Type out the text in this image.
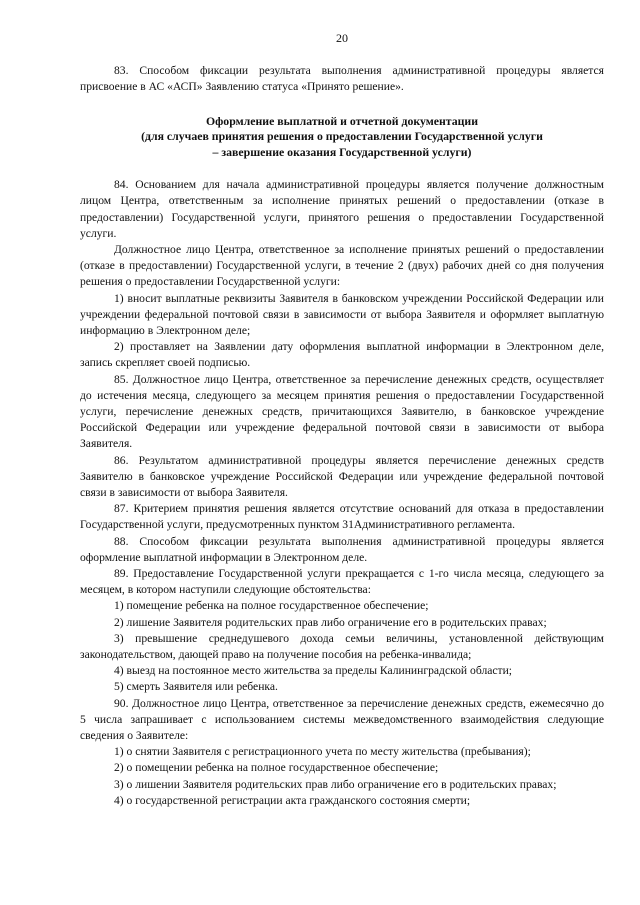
20

83. Способом фиксации результата выполнения административной процедуры является присвоение в АС «АСП» Заявлению статуса «Принято решение».

Оформление выплатной и отчетной документации
(для случаев принятия решения о предоставлении Государственной услуги
– завершение оказания Государственной услуги)

84. Основанием для начала административной процедуры является получение должностным лицом Центра, ответственным за исполнение принятых решений о предоставлении (отказе в предоставлении) Государственной услуги, принятого решения о предоставлении Государственной услуги.

Должностное лицо Центра, ответственное за исполнение принятых решений о предоставлении (отказе в предоставлении) Государственной услуги, в течение 2 (двух) рабочих дней со дня получения решения о предоставлении Государственной услуги:

1) вносит выплатные реквизиты Заявителя в банковском учреждении Российской Федерации или учреждении федеральной почтовой связи в зависимости от выбора Заявителя и оформляет выплатную информацию в Электронном деле;

2) проставляет на Заявлении дату оформления выплатной информации в Электронном деле, запись скрепляет своей подписью.

85. Должностное лицо Центра, ответственное за перечисление денежных средств, осуществляет до истечения месяца, следующего за месяцем принятия решения о предоставлении Государственной услуги, перечисление денежных средств, причитающихся Заявителю, в банковское учреждение Российской Федерации или учреждение федеральной почтовой связи в зависимости от выбора Заявителя.

86. Результатом административной процедуры является перечисление денежных средств Заявителю в банковское учреждение Российской Федерации или учреждение федеральной почтовой связи в зависимости от выбора Заявителя.

87. Критерием принятия решения является отсутствие оснований для отказа в предоставлении Государственной услуги, предусмотренных пунктом 31Административного регламента.

88. Способом фиксации результата выполнения административной процедуры является оформление выплатной информации в Электронном деле.

89. Предоставление Государственной услуги прекращается с 1-го числа месяца, следующего за месяцем, в котором наступили следующие обстоятельства:

1) помещение ребенка на полное государственное обеспечение;

2) лишение Заявителя родительских прав либо ограничение его в родительских правах;

3) превышение среднедушевого дохода семьи величины, установленной действующим законодательством, дающей право на получение пособия на ребенка-инвалида;

4) выезд на постоянное место жительства за пределы Калининградской области;

5) смерть Заявителя или ребенка.

90. Должностное лицо Центра, ответственное за перечисление денежных средств, ежемесячно до 5 числа запрашивает с использованием системы межведомственного взаимодействия следующие сведения о Заявителе:

1) о снятии Заявителя с регистрационного учета по месту жительства (пребывания);

2) о помещении ребенка на полное государственное обеспечение;

3) о лишении Заявителя родительских прав либо ограничение его в родительских правах;

4) о государственной регистрации акта гражданского состояния смерти;
